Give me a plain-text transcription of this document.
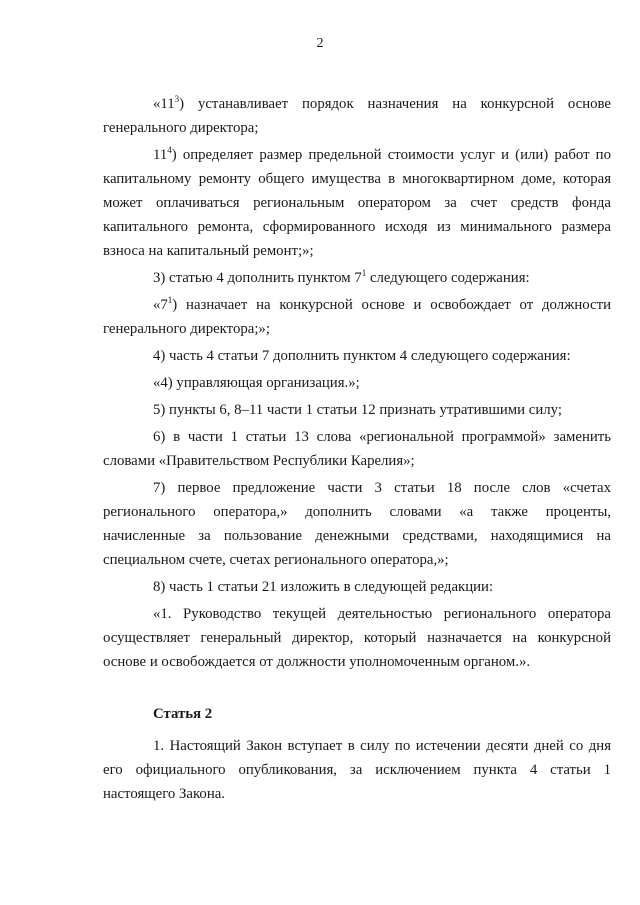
2

«$11^3$) устанавливает порядок назначения на конкурсной основе генерального директора;

$11^4$) определяет размер предельной стоимости услуг и (или) работ по капитальному ремонту общего имущества в многоквартирном доме, которая может оплачиваться региональным оператором за счет средств фонда капитального ремонта, сформированного исходя из минимального размера взноса на капитальный ремонт;»;

3) статью 4 дополнить пунктом $7^1$ следующего содержания:

«$7^1$) назначает на конкурсной основе и освобождает от должности генерального директора;»;

4) часть 4 статьи 7 дополнить пунктом 4 следующего содержания:

«4) управляющая организация.»;

5) пункты 6, 8–11 части 1 статьи 12 признать утратившими силу;

6) в части 1 статьи 13 слова «региональной программой» заменить словами «Правительством Республики Карелия»;

7) первое предложение части 3 статьи 18 после слов «счетах регионального оператора,» дополнить словами «а также проценты, начисленные за пользование денежными средствами, находящимися на специальном счете, счетах регионального оператора,»;

8) часть 1 статьи 21 изложить в следующей редакции:

«1. Руководство текущей деятельностью регионального оператора осуществляет генеральный директор, который назначается на конкурсной основе и освобождается от должности уполномоченным органом.».

Статья 2

1. Настоящий Закон вступает в силу по истечении десяти дней со дня его официального опубликования, за исключением пункта 4 статьи 1 настоящего Закона.
